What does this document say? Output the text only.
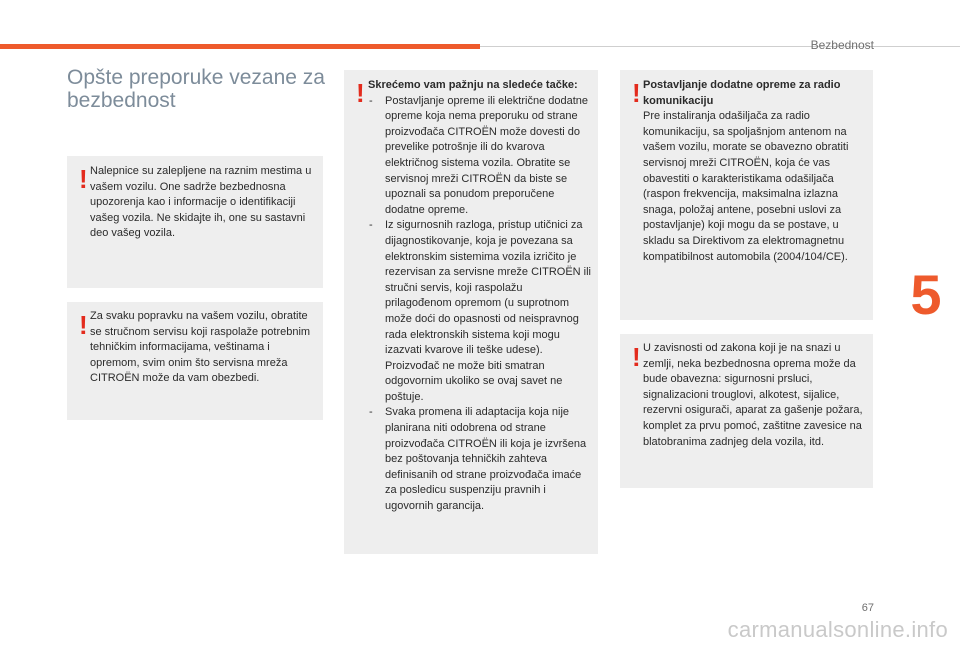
Bezbednost
5
Opšte preporuke vezane za bezbednost
! Nalepnice su zalepljene na raznim mestima u vašem vozilu. One sadrže bezbednosna upozorenja kao i informacije o identifikaciji vašeg vozila. Ne skidajte ih, one su sastavni deo vašeg vozila.

! Za svaku popravku na vašem vozilu, obratite se stručnom servisu koji raspolaže potrebnim tehničkim informacijama, veštinama i opremom, svim onim što servisna mreža CITROËN može da vam obezbedi.

! Skrećemo vam pažnju na sledeće tačke:

- Postavljanje opreme ili električne dodatne opreme koja nema preporuku od strane proizvođača CITROËN može dovesti do prevelike potrošnje ili do kvarova električnog sistema vozila. Obratite se servisnoj mreži CITROËN da biste se upoznali sa ponudom preporučene dodatne opreme.
- Iz sigurnosnih razloga, pristup utičnici za dijagnostikovanje, koja je povezana sa elektronskim sistemima vozila izričito je rezervisan za servisne mreže CITROËN ili stručni servis, koji raspolažu prilagođenom opremom (u suprotnom može doći do opasnosti od neispravnog rada elektronskih sistema koji mogu izazvati kvarove ili teške udese). Proizvođač ne može biti smatran odgovornim ukoliko se ovaj savet ne poštuje.
- Svaka promena ili adaptacija koja nije planirana niti odobrena od strane proizvođača CITROËN ili koja je izvršena bez poštovanja tehničkih zahteva definisanih od strane proizvođača imaće za posledicu suspenziju pravnih i ugovornih garancija.
! Postavljanje dodatne opreme za radio komunikaciju

Pre instaliranja odašiljača za radio komunikaciju, sa spoljašnjom antenom na vašem vozilu, morate se obavezno obratiti servisnoj mreži CITROËN, koja će vas obavestiti o karakteristikama odašiljača (raspon frekvencija, maksimalna izlazna snaga, položaj antene, posebni uslovi za postavljanje) koji mogu da se postave, u skladu sa Direktivom za elektromagnetnu kompatibilnost automobila (2004/104/CE).

! U zavisnosti od zakona koji je na snazi u zemlji, neka bezbednosna oprema može da bude obavezna: sigurnosni prsluci, signalizacioni trouglovi, alkotest, sijalice, rezervni osigurači, aparat za gašenje požara, komplet za prvu pomoć, zaštitne zavesice na blatobranima zadnjeg dela vozila, itd.

67
carmanualsonline.info
